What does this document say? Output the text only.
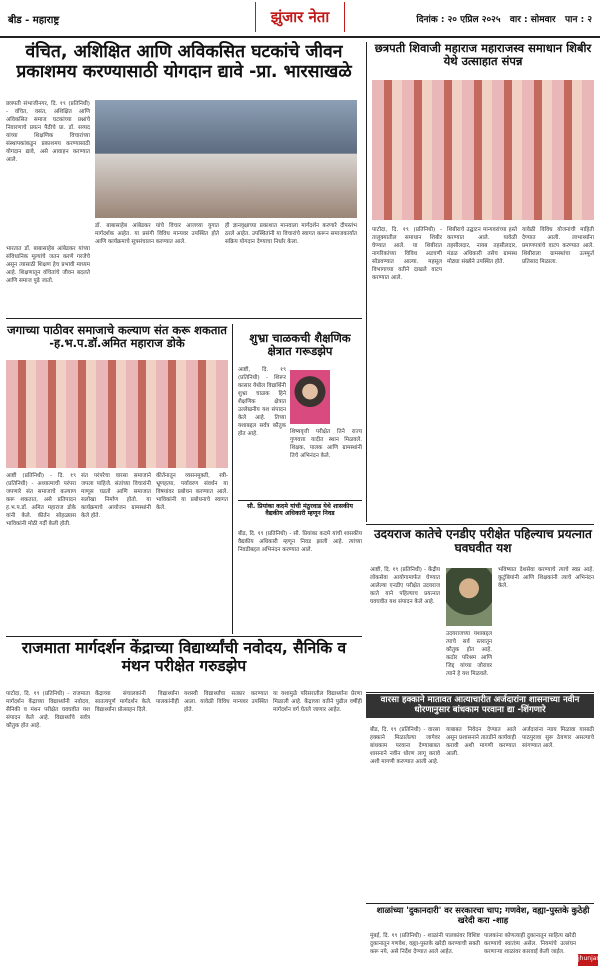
बीड - महाराष्ट्र	झुंजार नेता	दिनांक : २० एप्रिल २०२५ वार : सोमवार पान : २
वंचित, अशिक्षित आणि अविकसित घटकांचे जीवन प्रकाशमय करण्यासाठी योगदान द्यावे -प्रा. भारसाखळे
छत्रपती संभाजीनगर, दि. १९ (प्रतिनिधी) - वंचित, वसंत, अशिक्षित आणि अविकसित समाज घटकांच्या प्रश्नांचे निवारणाचे प्रयत्न पैठीचे प्रा. डॉ. सय्यद यांच्या शिक्षणिक विचारांच्या संस्थापकांकडून प्रकाशमय करण्यासाठी योगदान द्यावे, असे आवाहन करण्यात आले.
भारतात डॉ. बाबासाहेब आंबेडकर यांच्या संविधानिक मूल्यांचे जतन करणे गरजेचे असून त्यासाठी शिक्षण हेच प्रभावी माध्यम आहे. शिक्षणातून वंचितांचे जीवन बदलते आणि समाज पुढे जातो.
डॉ. बाबासाहेब आंबेडकर यांचे विचार आजच्या युगात मार्गदर्शक आहेत. या प्रसंगी विविध मान्यवर उपस्थित होते आणि कार्यक्रमाचे सूत्रसंचालन करण्यात आले.
ही ज्ञानवृक्षाच्या प्रकाशात मानवाला मार्गदर्शन करणारे दीपस्तंभ ठरले आहेत. उपस्थितांनी या विचारांचे स्वागत करून समाजकार्यात सक्रिय योगदान देण्याचा निर्धार केला.
छत्रपती शिवाजी महाराज महाराजस्व समाधान शिबीर येथे उत्साहात संपन्न
पाटोदा, दि. १९ (प्रतिनिधी) - तालुक्यातील समाधान शिबीर घेण्यात आले. या शिबीरात नागरिकांच्या विविध अडचणी सोडवण्यात आल्या. महसूल विभागाच्या वतीने दाखले वाटप करण्यात आले.
शिबीराचे उद्घाटन मान्यवरांच्या हस्ते करण्यात आले. यावेळी तहसीलदार, नायब तहसीलदार, मंडळ अधिकारी तसेच ग्रामस्थ मोठ्या संख्येने उपस्थित होते.
यावेळी विविध योजनांची माहिती देण्यात आली. लाभार्थ्यांना प्रमाणपत्रांचे वाटप करण्यात आले. शिबीराला ग्रामस्थांचा उत्स्फूर्त प्रतिसाद मिळाला.
जगाच्या पाठीवर समाजाचे कल्याण संत करू शकतात -ह.भ.प.डॉ.अमित महाराज डोके
आष्टी (प्रतिनिधी) - दि. १९ (प्रतिनिधी) - अध्यात्माची परंपरा जपणारे संत समाजाचे कल्याण करू शकतात, असे प्रतिपादन ह.भ.प.डॉ. अमित महाराज डोके यांनी केले. कीर्तन सोहळ्यास भाविकांनी मोठी गर्दी केली होती.
संत परंपरेचा वारसा समाजाने जपला पाहिजे. संतांच्या विचारांनी माणूस घडतो आणि समाजात सलोखा निर्माण होतो. या कार्यक्रमाचे आयोजन ग्रामस्थांनी केले होते.
कीर्तनातून व्यसनमुक्ती, स्त्री-भ्रूणहत्या, पर्यावरण संवर्धन या विषयांवर प्रबोधन करण्यात आले. भाविकांनी या प्रबोधनाचे स्वागत केले.
शुभ्रा चाळकची शैक्षणिक क्षेत्रात गरूडझेप
आष्टी, दि. १९ (प्रतिनिधी) - शिरूर कासार येथील विद्यार्थिनी शुभ्रा चाळक हिने शैक्षणिक क्षेत्रात उल्लेखनीय यश संपादन केले आहे. तिच्या यशाबद्दल सर्वत्र कौतुक होत आहे.	शिष्यवृत्ती परीक्षेत तिने राज्य गुणवत्ता यादीत स्थान मिळवले. शिक्षक, पालक आणि ग्रामस्थांनी तिचे अभिनंदन केले.
सौ. प्रियांका कदमे यांची मंठुरवाड येथे शासकीय वैद्यकीय अधिकारी म्हणून निवड
बीड, दि. १९ (प्रतिनिधी) - सौ. प्रियांका कदमे यांची शासकीय वैद्यकीय अधिकारी म्हणून निवड झाली आहे. त्यांच्या निवडीबद्दल अभिनंदन करण्यात आले.
उदयराज कातेचे एनडीए परीक्षेत पहिल्याच प्रयत्नात घवघवीत यश
आष्टी, दि. १९ (प्रतिनिधी) - केंद्रीय लोकसेवा आयोगामार्फत घेण्यात आलेल्या एनडीए परीक्षेत उदयराज काते याने पहिल्याच प्रयत्नात घवघवीत यश संपादन केले आहे.
उदयराजच्या यशाबद्दल त्याचे सर्व स्तरातून कौतुक होत आहे. कठोर परिश्रम आणि जिद्द यांच्या जोरावर त्याने हे यश मिळवले.
भविष्यात देशसेवा करण्याचे त्याचे स्वप्न आहे. कुटुंबियांनी आणि शिक्षकांनी त्याचे अभिनंदन केले.
वारसा हक्काने मातावत आत्याचारीत अर्जदारांना शासनाच्या नवीन धोरणानुसार बांधकाम परवाना द्या -शिंगणारे
बीड, दि. १९ (प्रतिनिधी) - वारसा हक्काने मिळालेल्या जागेवर बांधकाम परवाना देण्याबाबत शासनाने नवीन धोरण लागू करावे अशी मागणी करण्यात आली आहे.
याबाबत निवेदन देण्यात आले असून प्रशासनाने तातडीने कार्यवाही करावी अशी मागणी करण्यात आली.
अर्जदारांना न्याय मिळावा यासाठी पाठपुरावा सुरू ठेवणार असल्याचे सांगण्यात आले.
राजमाता मार्गदर्शन केंद्राच्या विद्यार्थ्यांची नवोदय, सैनिकि व मंथन परीक्षेत गरुडझेप
पाटोदा, दि. १९ (प्रतिनिधी) - राजमाता मार्गदर्शन केंद्राच्या विद्यार्थ्यांनी नवोदय, सैनिकी व मंथन परीक्षेत घवघवीत यश संपादन केले आहे. विद्यार्थ्यांचे सर्वत्र कौतुक होत आहे.
केंद्राच्या संचालकांनी विद्यार्थ्यांना सातत्यपूर्ण मार्गदर्शन केले. पालकांनीही विद्यार्थ्यांना प्रोत्साहन दिले.
यशस्वी विद्यार्थ्यांचा सत्कार करण्यात आला. यावेळी विविध मान्यवर उपस्थित होते.
या यशामुळे परिसरातील विद्यार्थ्यांना प्रेरणा मिळाली आहे. केंद्राच्या वतीने पुढील वर्षीही मार्गदर्शन वर्ग घेतले जाणार आहेत.
शाळांच्या 'दुकानदारी' वर सरकारचा चाप; गणवेश, वह्या-पुस्तके कुठेही खरेदी करा -शाह
मुंबई, दि. १९ (प्रतिनिधी) - शाळांनी पालकांवर विशिष्ट दुकानातून गणवेश, वह्या-पुस्तके खरेदी करण्याची सक्ती करू नये, असे निर्देश देण्यात आले आहेत.
पालकांना कोणत्याही दुकानातून साहित्य खरेदी करण्याचे स्वातंत्र्य असेल. नियमांचे उल्लंघन करणाऱ्या शाळांवर कारवाई केली जाईल.
jhunjar
